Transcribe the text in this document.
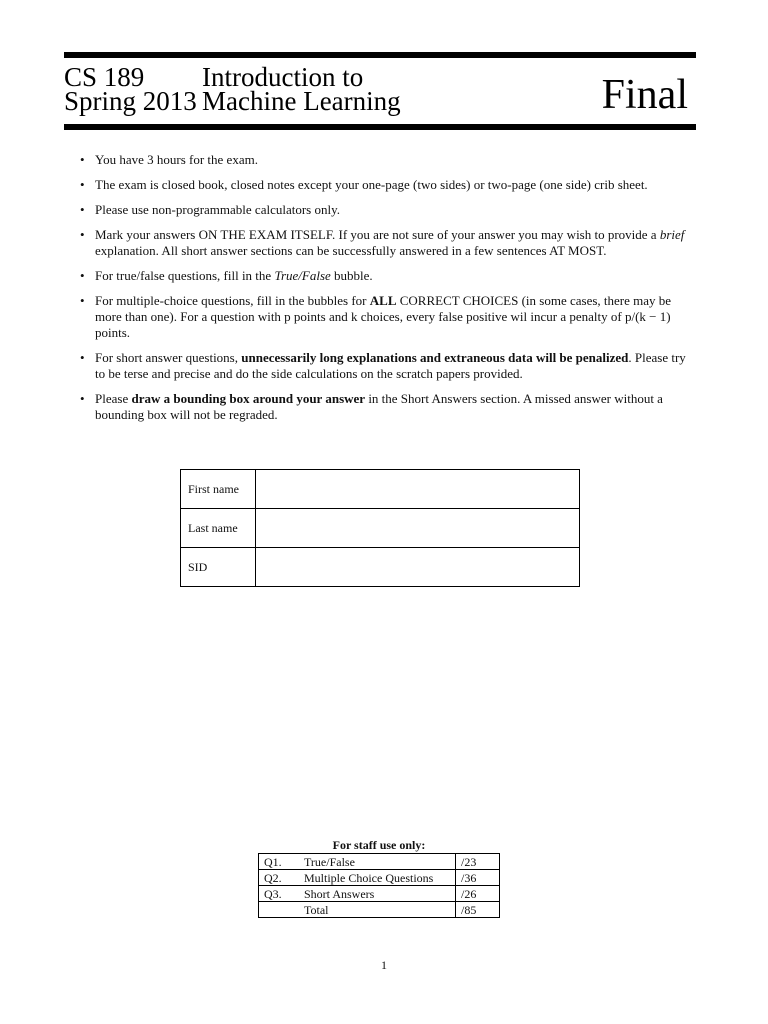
CS 189
Spring 2013
Introduction to
Machine Learning	Final
• You have 3 hours for the exam.
• The exam is closed book, closed notes except your one-page (two sides) or two-page (one side) crib sheet.
• Please use non-programmable calculators only.
• Mark your answers ON THE EXAM ITSELF. If you are not sure of your answer you may wish to provide a brief explanation. All short answer sections can be successfully answered in a few sentences AT MOST.
• For true/false questions, fill in the True/False bubble.
• For multiple-choice questions, fill in the bubbles for ALL CORRECT CHOICES (in some cases, there may be more than one). For a question with p points and k choices, every false positive wil incur a penalty of p/(k − 1) points.
• For short answer questions, unnecessarily long explanations and extraneous data will be penalized. Please try to be terse and precise and do the side calculations on the scratch papers provided.
• Please draw a bounding box around your answer in the Short Answers section. A missed answer without a bounding box will not be regraded.
First name	
Last name	
SID	
For staff use only:
Q1.	True/False	/23
Q2.	Multiple Choice Questions	/36
Q3.	Short Answers	/26
	Total	/85
1
